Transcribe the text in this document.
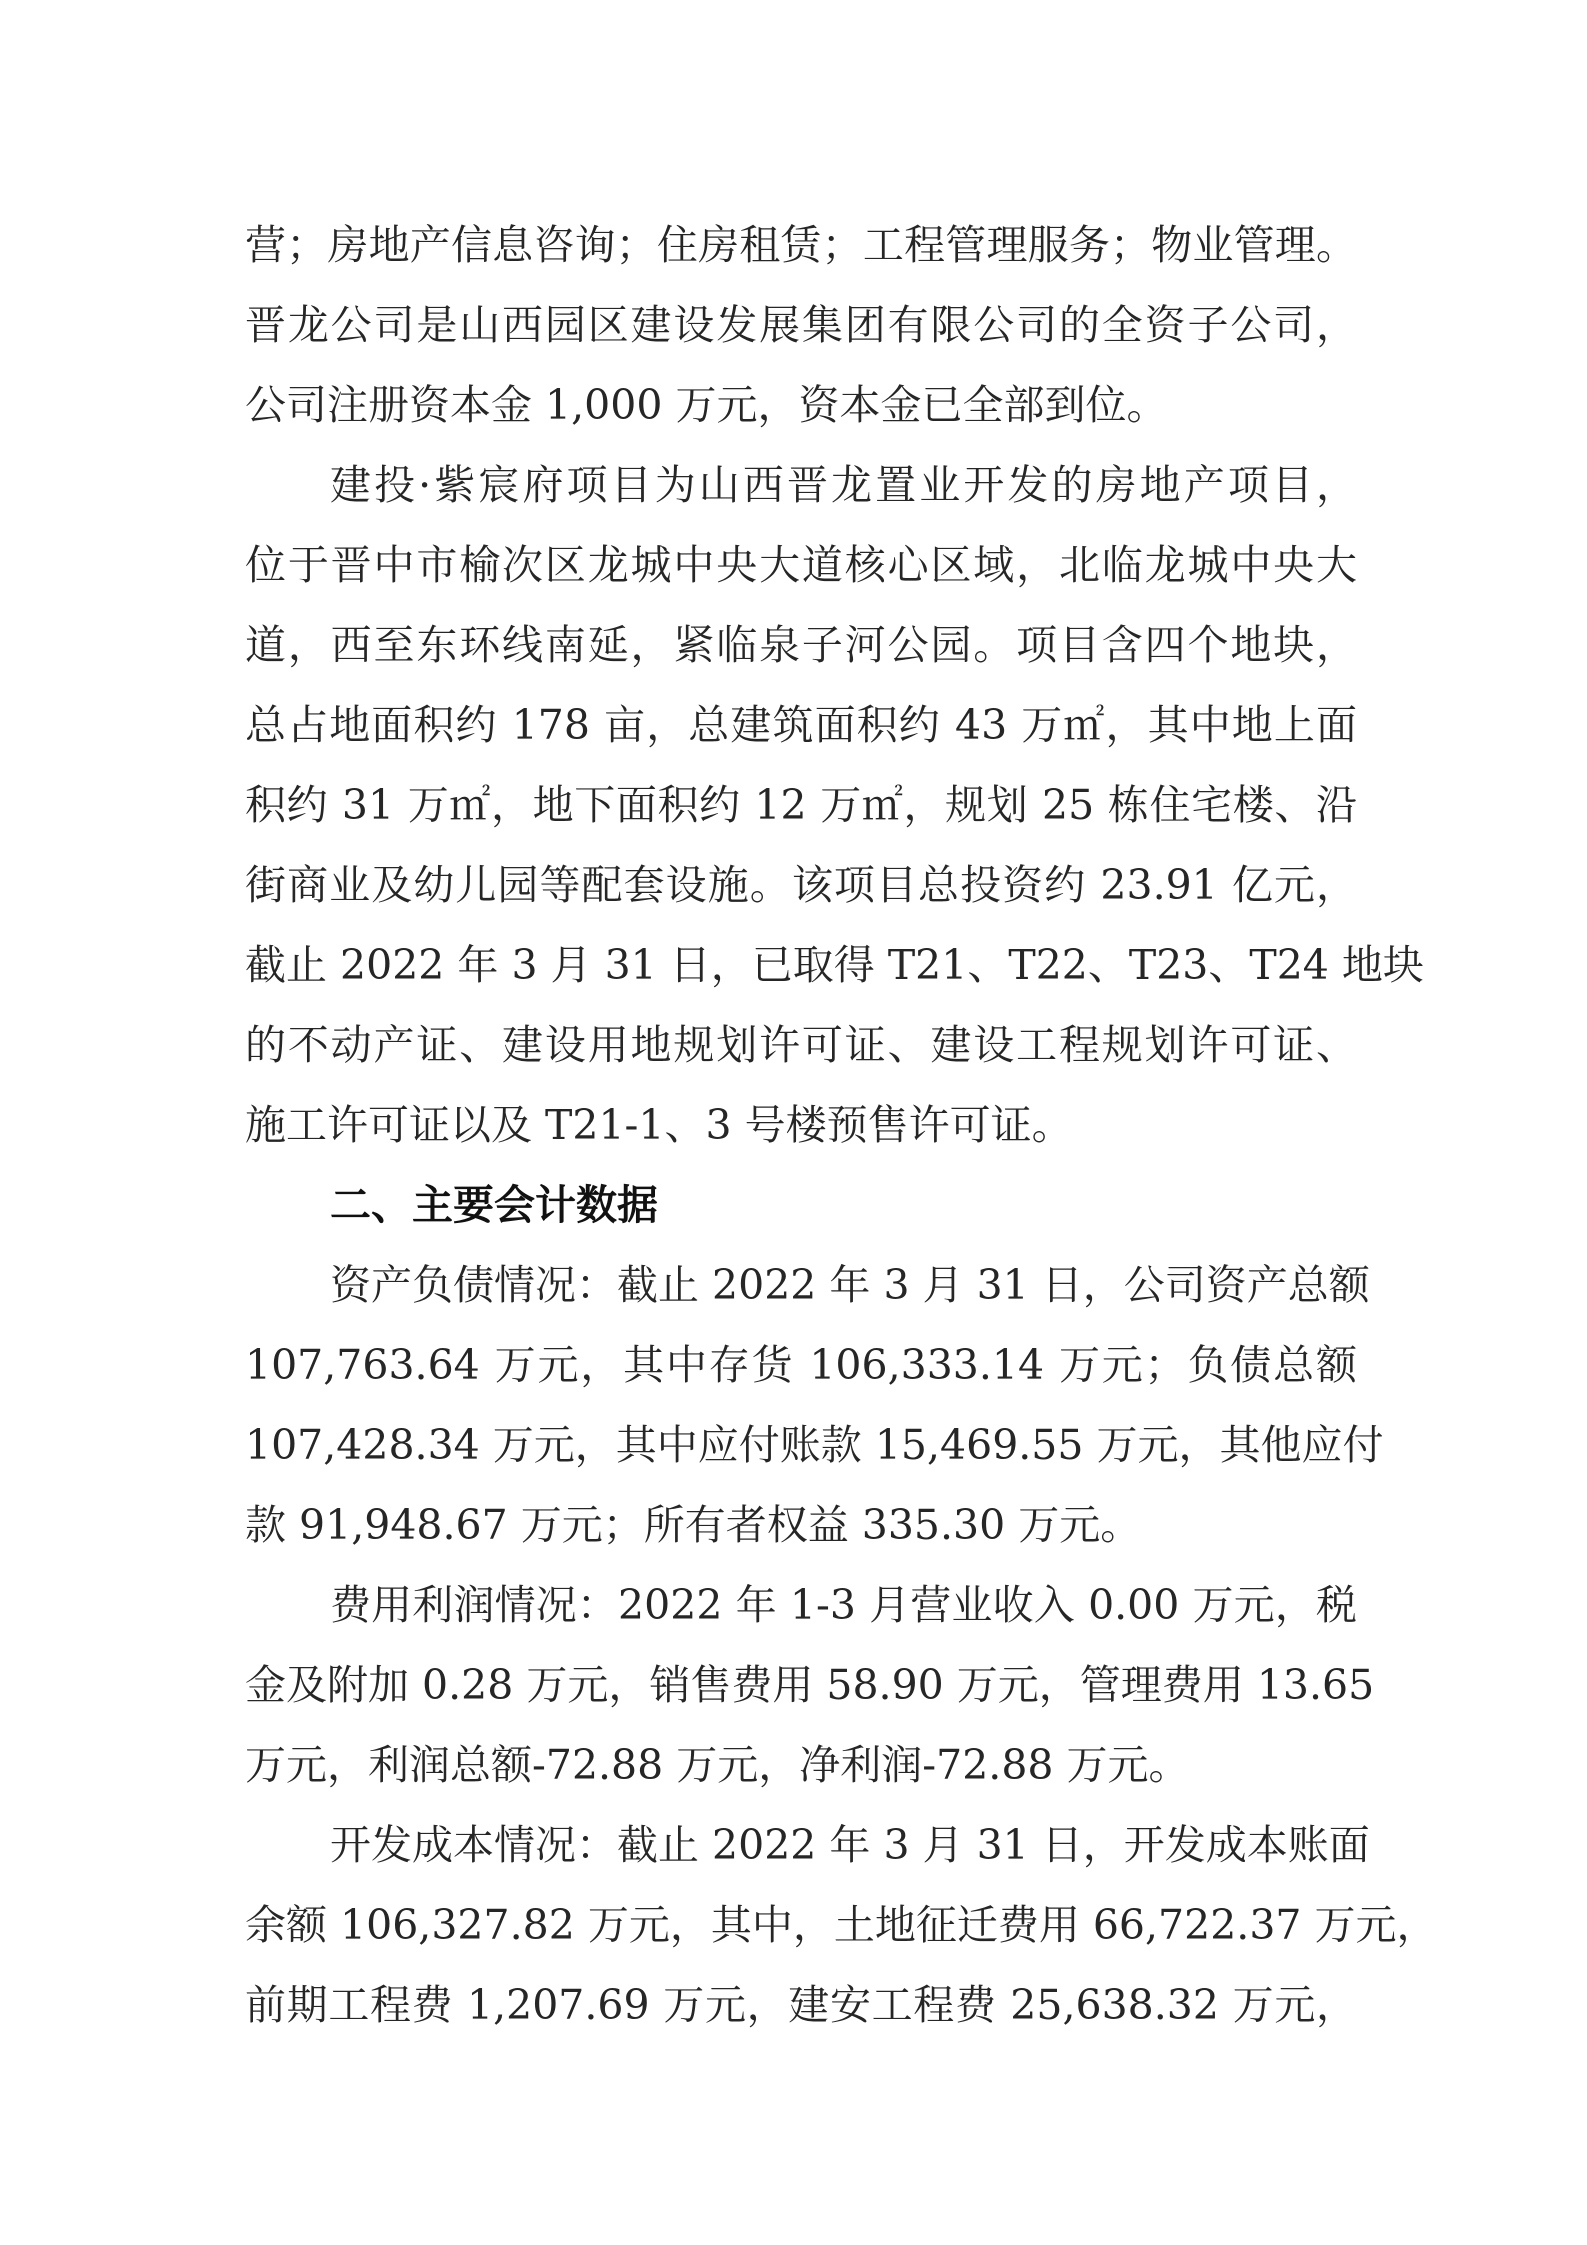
营；房地产信息咨询；住房租赁；工程管理服务；物业管理。
晋龙公司是山西园区建设发展集团有限公司的全资子公司，
公司注册资本金 1,000 万元，资本金已全部到位。
建投·紫宸府项目为山西晋龙置业开发的房地产项目，
位于晋中市榆次区龙城中央大道核心区域，北临龙城中央大
道，西至东环线南延，紧临泉子河公园。项目含四个地块，
总占地面积约 178 亩，总建筑面积约 43 万㎡，其中地上面
积约 31 万㎡，地下面积约 12 万㎡，规划 25 栋住宅楼、沿
街商业及幼儿园等配套设施。该项目总投资约 23.91 亿元，
截止 2022 年 3 月 31 日，已取得 T21、T22、T23、T24 地块
的不动产证、建设用地规划许可证、建设工程规划许可证、
施工许可证以及 T21-1、3 号楼预售许可证。
二、主要会计数据
资产负债情况：截止 2022 年 3 月 31 日，公司资产总额
107,763.64 万元，其中存货 106,333.14 万元；负债总额
107,428.34 万元，其中应付账款 15,469.55 万元，其他应付
款 91,948.67 万元；所有者权益 335.30 万元。
费用利润情况：2022 年 1-3 月营业收入 0.00 万元，税
金及附加 0.28 万元，销售费用 58.90 万元，管理费用 13.65
万元，利润总额-72.88 万元，净利润-72.88 万元。
开发成本情况：截止 2022 年 3 月 31 日，开发成本账面
余额 106,327.82 万元，其中，土地征迁费用 66,722.37 万元，
前期工程费 1,207.69 万元，建安工程费 25,638.32 万元，
